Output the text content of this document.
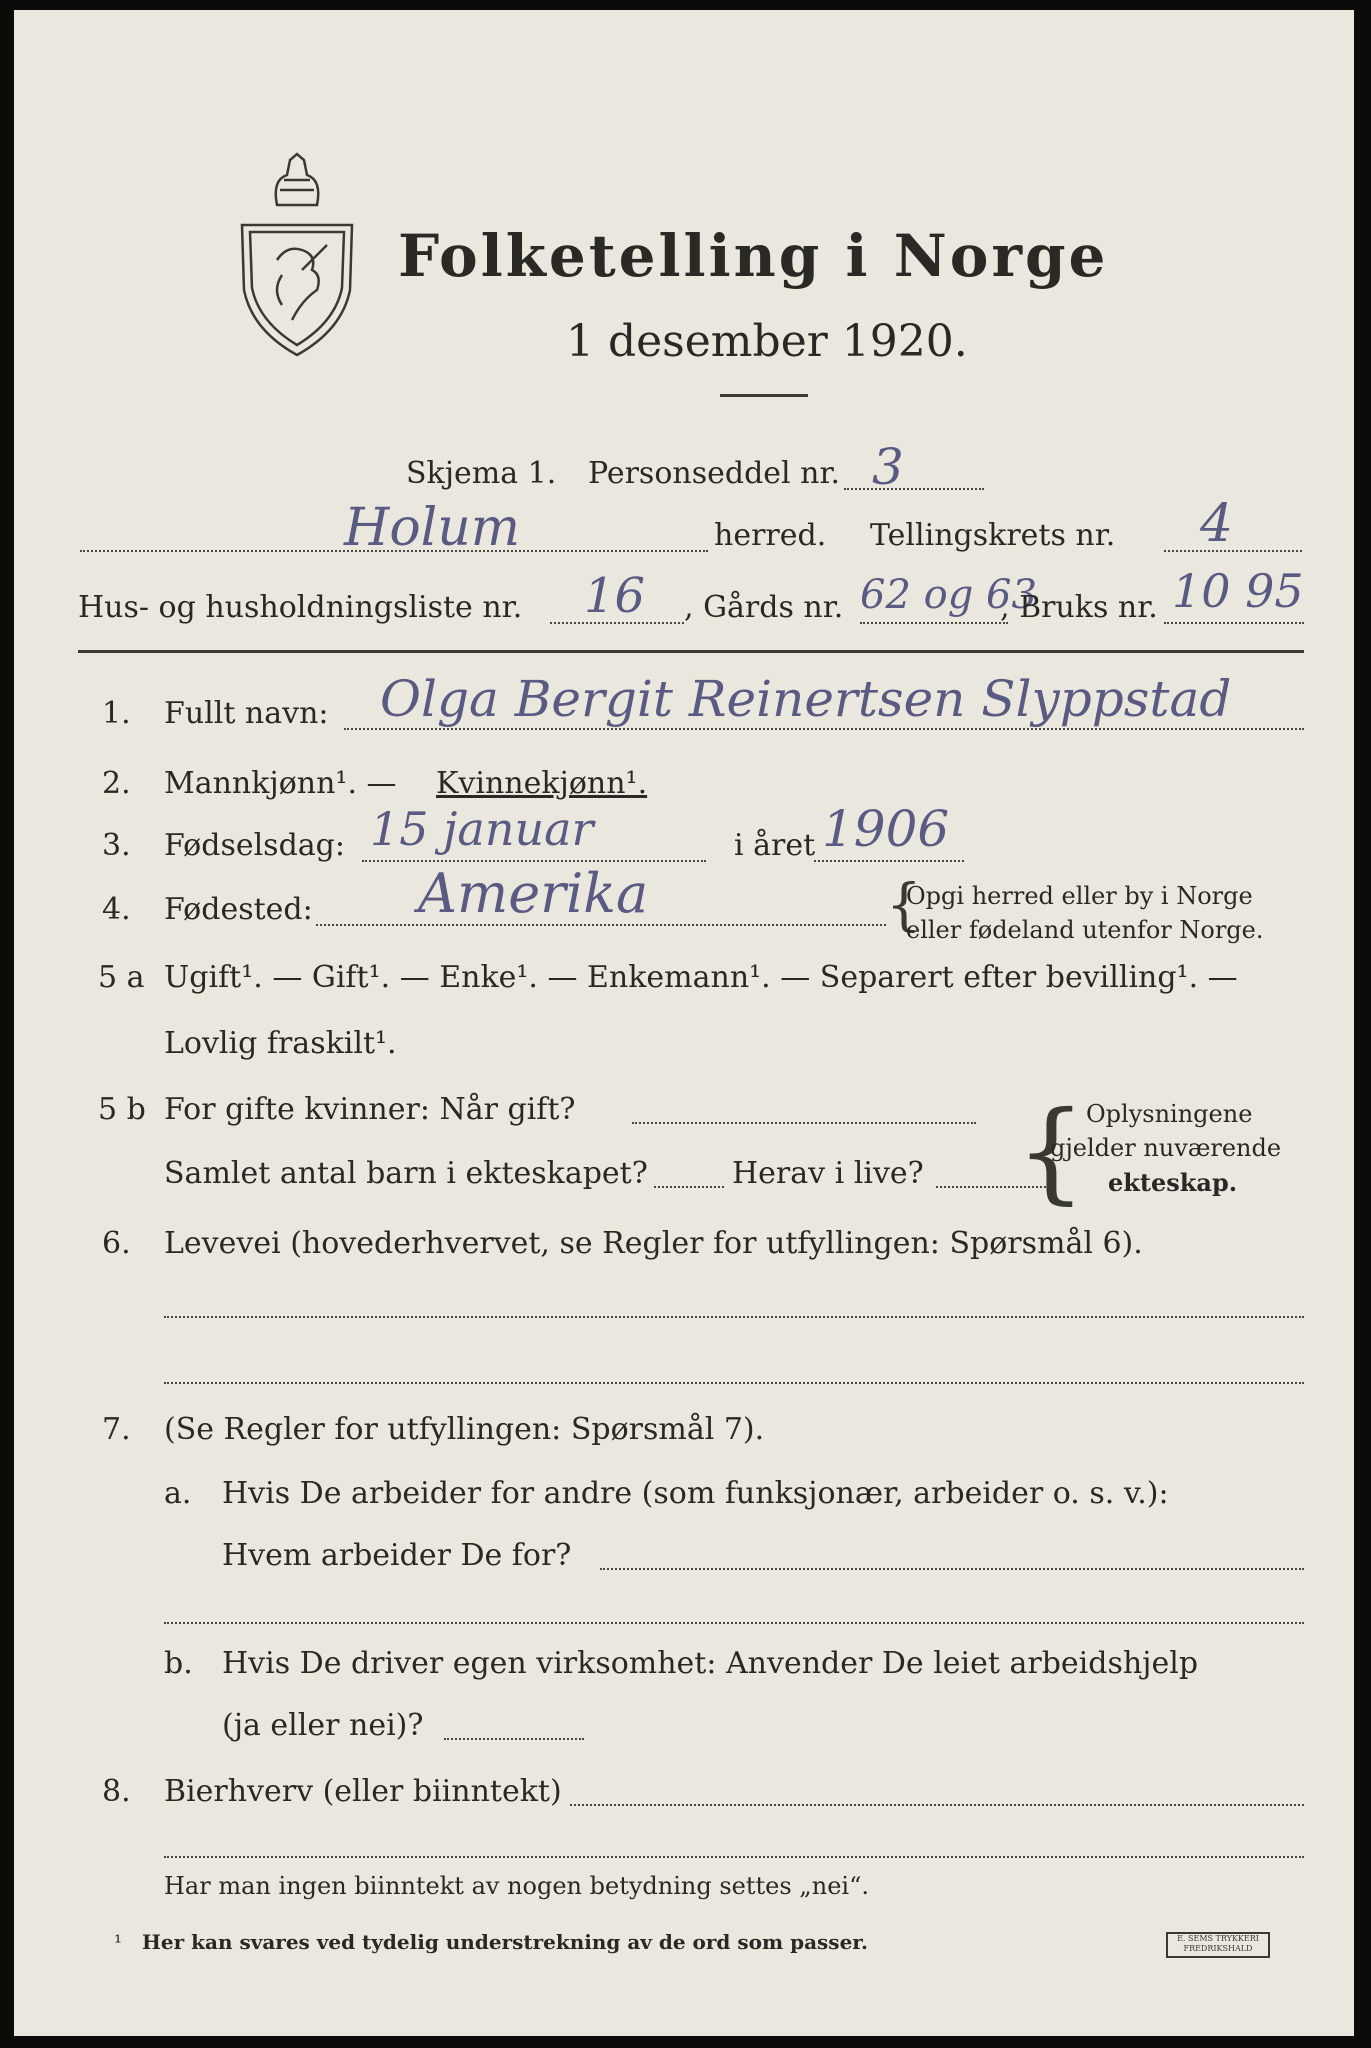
Folketelling i Norge
1 desember 1920.
Skjema 1. Personseddel nr. 3
Holum	herred. Tellingskrets nr. 4
Hus- og husholdningsliste nr. 16 , Gårds nr. 62 og 63
, Bruks nr. 10 95
1. Fullt navn: Olga Bergit Reinertsen Slyppstad
2. Mannkjønn¹. — Kvinnekjønn¹.
3. Fødselsdag: 15 januar	i året 1906
4. Fødested: Amerika	{
Opgi herred eller by i Norge
eller fødeland utenfor Norge.
5 a Ugift¹. — Gift¹. — Enke¹. — Enkemann¹. — Separert efter bevilling¹. —
Lovlig fraskilt¹.
5 b For gifte kvinner: Når gift?
Samlet antal barn i ekteskapet?	Herav i live? { Oplysningene
gjelder nuværende
ekteskap.
6. Levevei (hovederhvervet, se Regler for utfyllingen: Spørsmål 6).
7. (Se Regler for utfyllingen: Spørsmål 7).
a. Hvis De arbeider for andre (som funksjonær, arbeider o. s. v.):
Hvem arbeider De for?
b. Hvis De driver egen virksomhet: Anvender De leiet arbeidshjelp
(ja eller nei)?
8. Bierhverv (eller biinntekt)
Har man ingen biinntekt av nogen betydning settes „nei“.
¹ Her kan svares ved tydelig understrekning av de ord som passer.	E. SEMS TRYKKERI
FREDRIKSHALD
